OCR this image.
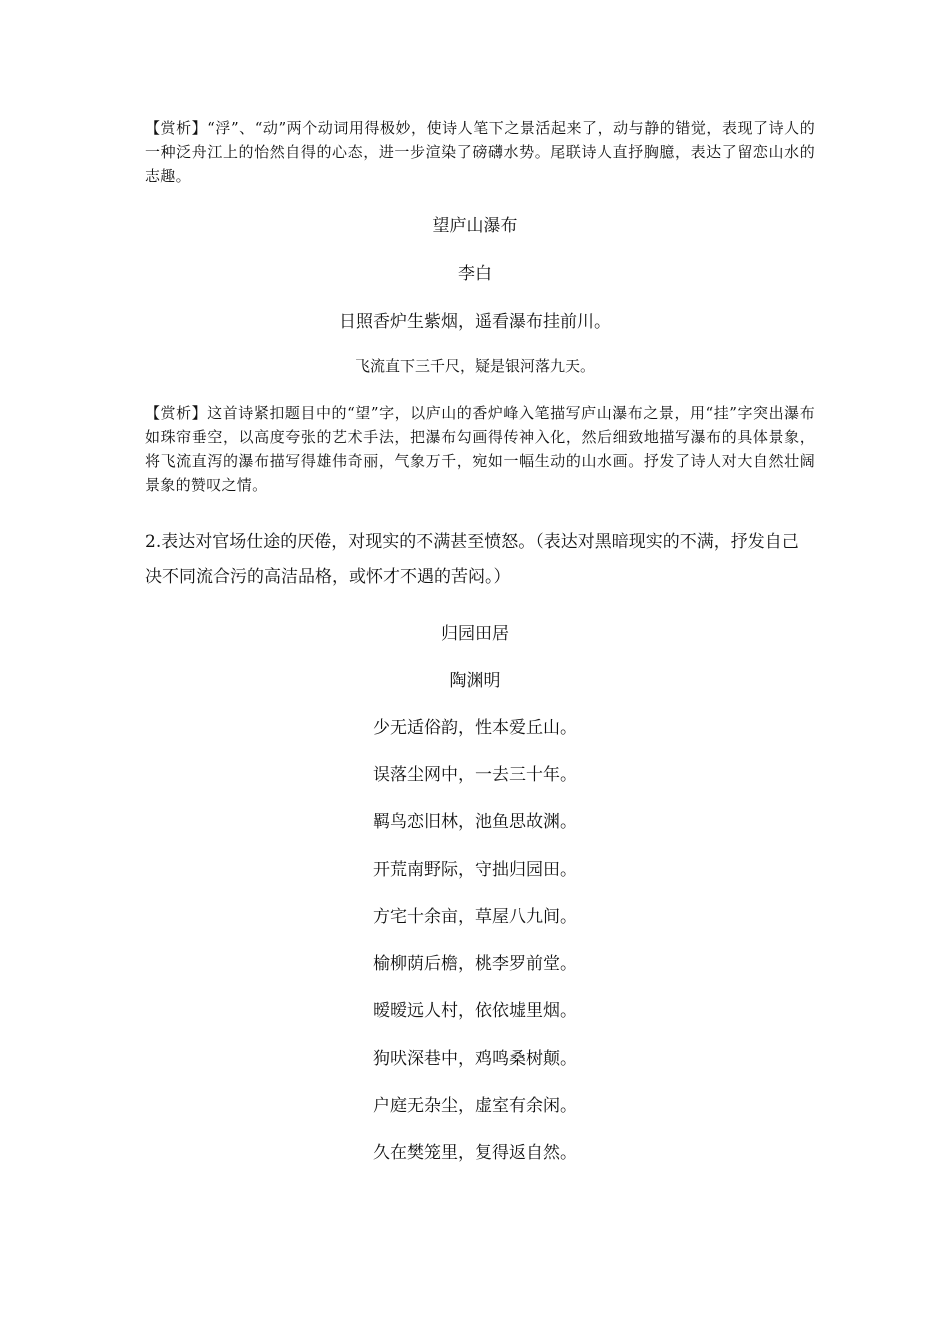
【赏析】“浮”、“动”两个动词用得极妙，使诗人笔下之景活起来了，动与静的错觉，表现了诗人的一种泛舟江上的怡然自得的心态，进一步渲染了磅礴水势。尾联诗人直抒胸臆，表达了留恋山水的志趣。

望庐山瀑布

李白

日照香炉生紫烟，遥看瀑布挂前川。

飞流直下三千尺，疑是银河落九天。

【赏析】这首诗紧扣题目中的“望”字，以庐山的香炉峰入笔描写庐山瀑布之景，用“挂”字突出瀑布如珠帘垂空，以高度夸张的艺术手法，把瀑布勾画得传神入化，然后细致地描写瀑布的具体景象，将飞流直泻的瀑布描写得雄伟奇丽，气象万千，宛如一幅生动的山水画。抒发了诗人对大自然壮阔景象的赞叹之情。

2.表达对官场仕途的厌倦，对现实的不满甚至愤怒。（表达对黑暗现实的不满，抒发自己决不同流合污的高洁品格，或怀才不遇的苦闷。）

归园田居

陶渊明

少无适俗韵，性本爱丘山。

误落尘网中，一去三十年。

羁鸟恋旧林，池鱼思故渊。

开荒南野际，守拙归园田。

方宅十余亩，草屋八九间。

榆柳荫后檐，桃李罗前堂。

暧暧远人村，依依墟里烟。

狗吠深巷中，鸡鸣桑树颠。

户庭无杂尘，虚室有余闲。

久在樊笼里，复得返自然。
